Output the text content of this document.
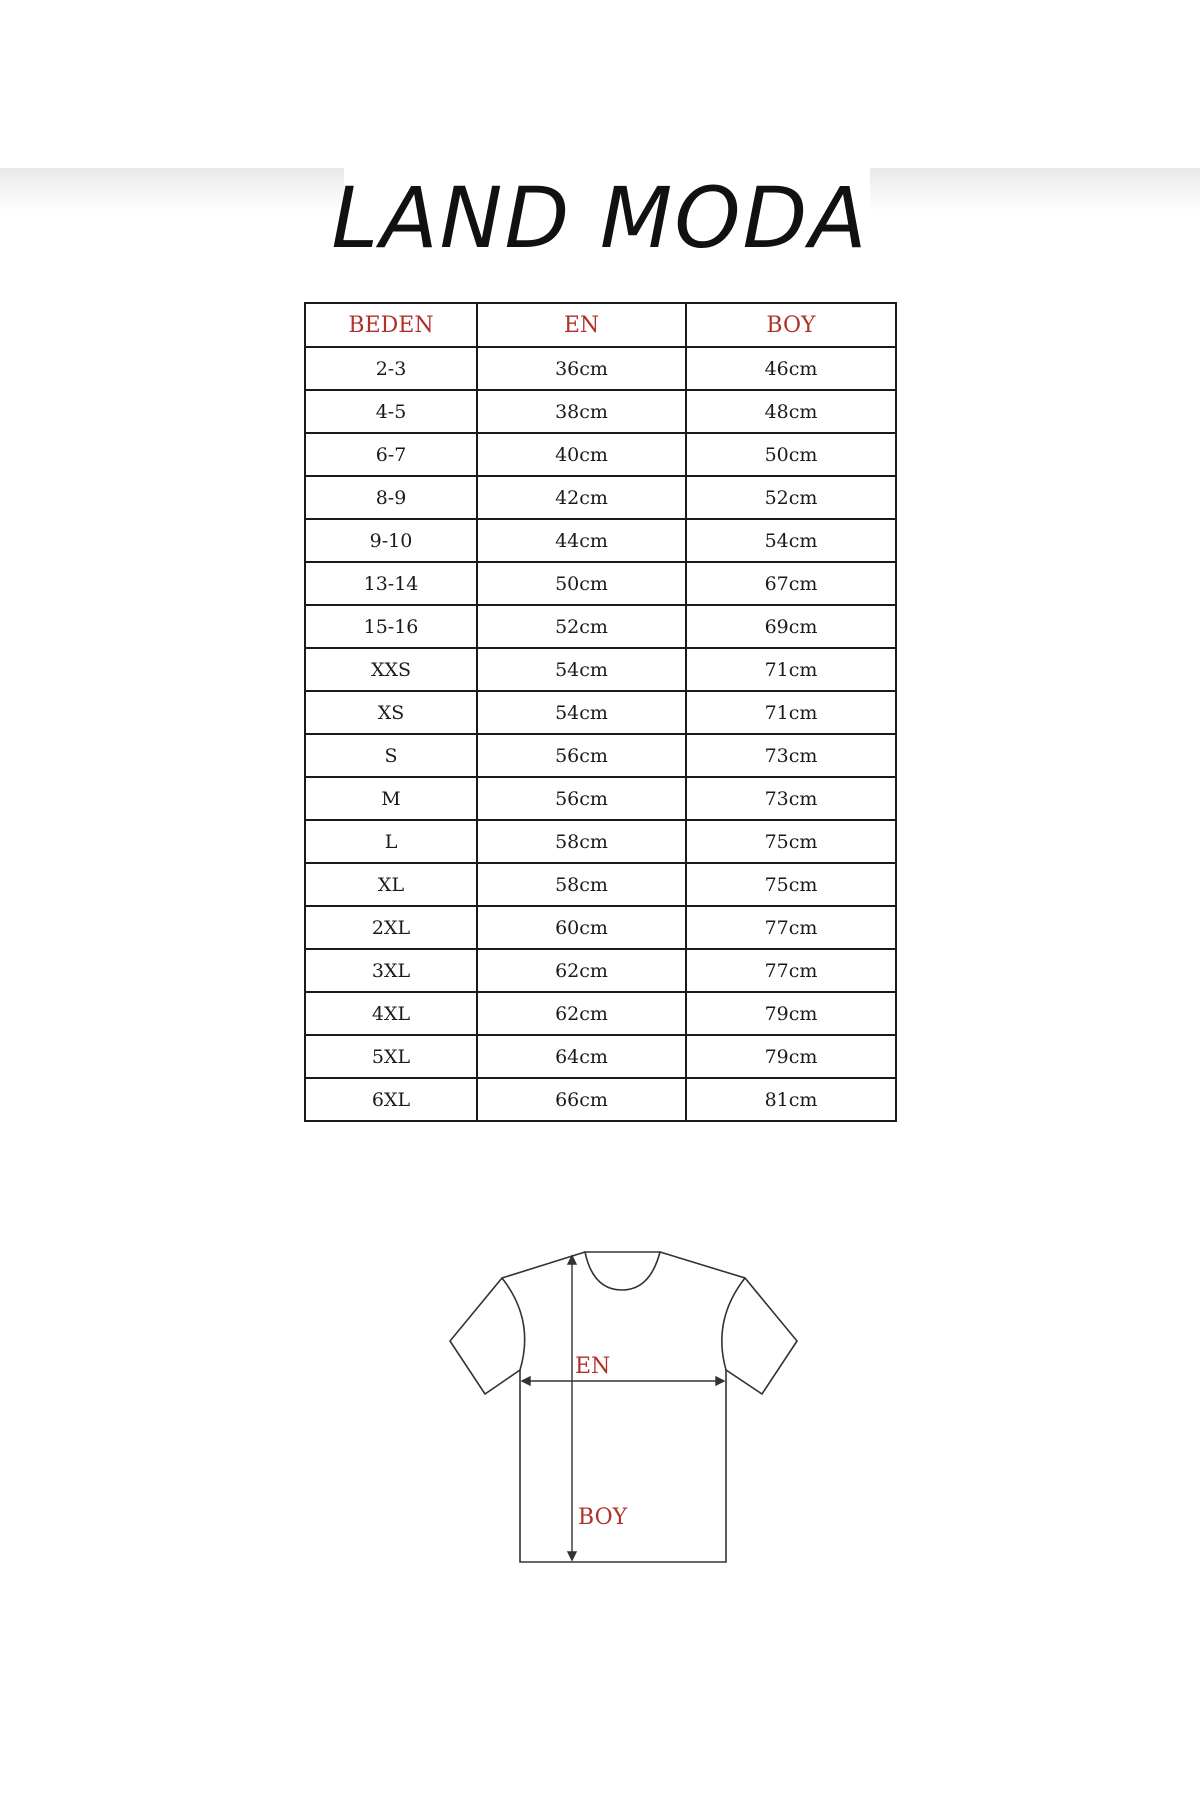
LAND MODA
BEDEN	EN	BOY
2-3	36cm	46cm
4-5	38cm	48cm
6-7	40cm	50cm
8-9	42cm	52cm
9-10	44cm	54cm
13-14	50cm	67cm
15-16	52cm	69cm
XXS	54cm	71cm
XS	54cm	71cm
S	56cm	73cm
M	56cm	73cm
L	58cm	75cm
XL	58cm	75cm
2XL	60cm	77cm
3XL	62cm	77cm
4XL	62cm	79cm
5XL	64cm	79cm
6XL	66cm	81cm
EN
BOY
